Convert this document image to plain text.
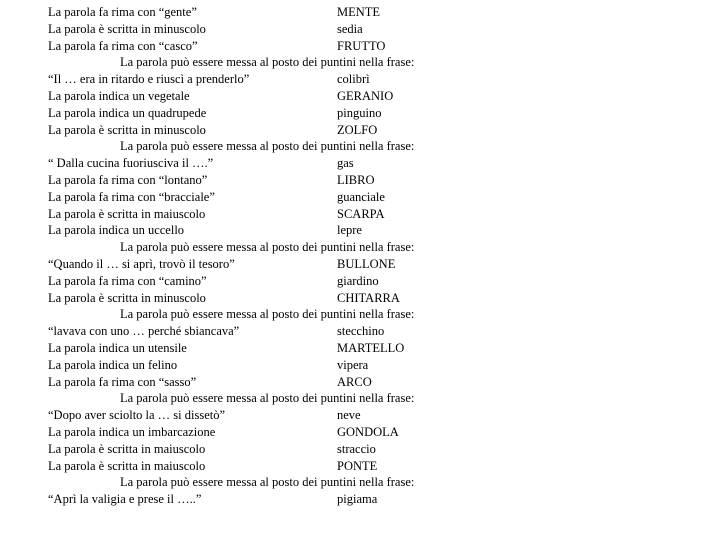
La parola fa rima con “gente”	MENTE
La parola è scritta in minuscolo	sedia
La parola fa rima con “casco”	FRUTTO
La parola può essere messa al posto dei puntini nella frase:
“Il … era in ritardo e riuscì a prenderlo”	colibrì
La parola indica un vegetale	GERANIO
La parola indica un quadrupede	pinguino
La parola è scritta in minuscolo	ZOLFO
La parola può essere messa al posto dei puntini nella frase:
“ Dalla cucina fuoriusciva il ….”	gas
La parola fa rima con “lontano”	LIBRO
La parola fa rima con “bracciale”	guanciale
La parola è scritta in maiuscolo	SCARPA
La parola indica un uccello	lepre
La parola può essere messa al posto dei puntini nella frase:
“Quando il … si aprì, trovò il tesoro”	BULLONE
La parola fa rima con “camino”	giardino
La parola è scritta in minuscolo	CHITARRA
La parola può essere messa al posto dei puntini nella frase:
“lavava con uno … perché sbiancava”	stecchino
La parola indica un utensile	MARTELLO
La parola indica un felino	vipera
La parola fa rima con “sasso”	ARCO
La parola può essere messa al posto dei puntini nella frase:
“Dopo aver sciolto la … si dissetò”	neve
La parola indica un imbarcazione	GONDOLA
La parola è scritta in maiuscolo	straccio
La parola è scritta in maiuscolo	PONTE
La parola può essere messa al posto dei puntini nella frase:
“Aprì la valigia e prese il …..”	pigiama
